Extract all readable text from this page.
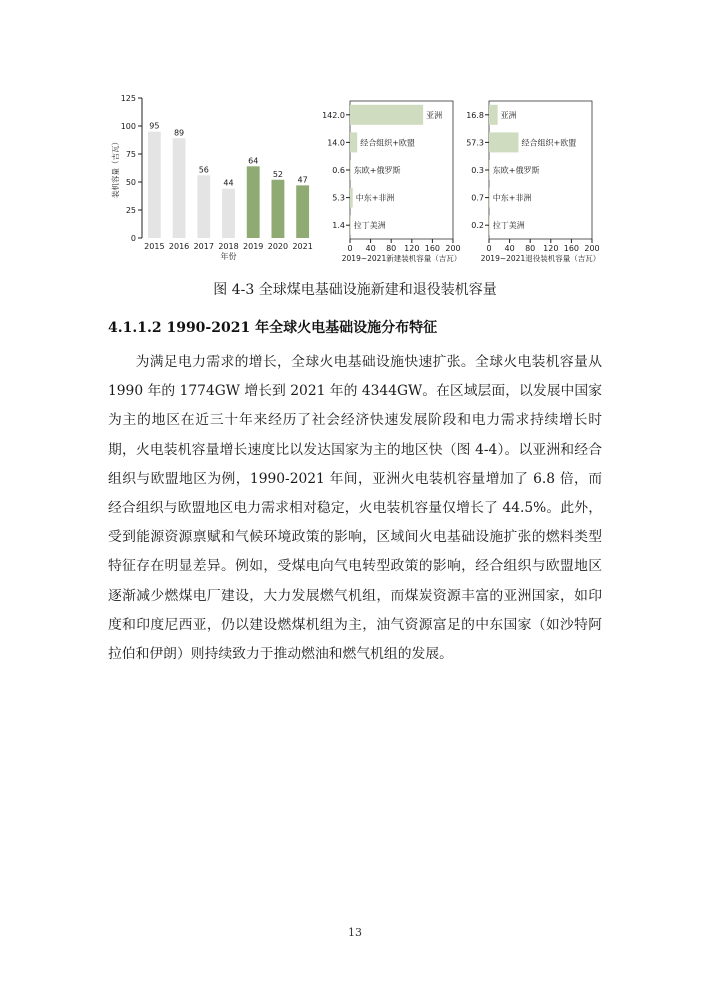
0
25
50
75
100
125
95
2015
89
2016
56
2017
44
2018
64
2019
52
2020
47
2021
年份
装机容量（吉瓦）
0 40 80 120 160 200
142.0	亚洲
14.0 经合组织+欧盟
0.6 东欧+俄罗斯
5.3 中东+非洲
1.4 拉丁美洲
2019~2021新建装机容量（吉瓦）
0 40 80 120 160 200
16.8 亚洲
57.3	经合组织+欧盟
0.3 东欧+俄罗斯
0.7 中东+非洲
0.2 拉丁美洲
2019~2021退役装机容量（吉瓦）
图 4-3 全球煤电基础设施新建和退役装机容量
4.1.1.2 1990-2021 年全球火电基础设施分布特征

为满足电力需求的增长，全球火电基础设施快速扩张。全球火电装机容量从1990 年的 1774GW 增长到 2021 年的 4344GW。在区域层面，以发展中国家为主的地区在近三十年来经历了社会经济快速发展阶段和电力需求持续增长时期，火电装机容量增长速度比以发达国家为主的地区快（图 4-4）。以亚洲和经合组织与欧盟地区为例，1990-2021 年间，亚洲火电装机容量增加了 6.8 倍，而经合组织与欧盟地区电力需求相对稳定，火电装机容量仅增长了 44.5%。此外，受到能源资源禀赋和气候环境政策的影响，区域间火电基础设施扩张的燃料类型特征存在明显差异。例如，受煤电向气电转型政策的影响，经合组织与欧盟地区逐渐减少燃煤电厂建设，大力发展燃气机组，而煤炭资源丰富的亚洲国家，如印度和印度尼西亚，仍以建设燃煤机组为主，油气资源富足的中东国家（如沙特阿拉伯和伊朗）则持续致力于推动燃油和燃气机组的发展。

13
